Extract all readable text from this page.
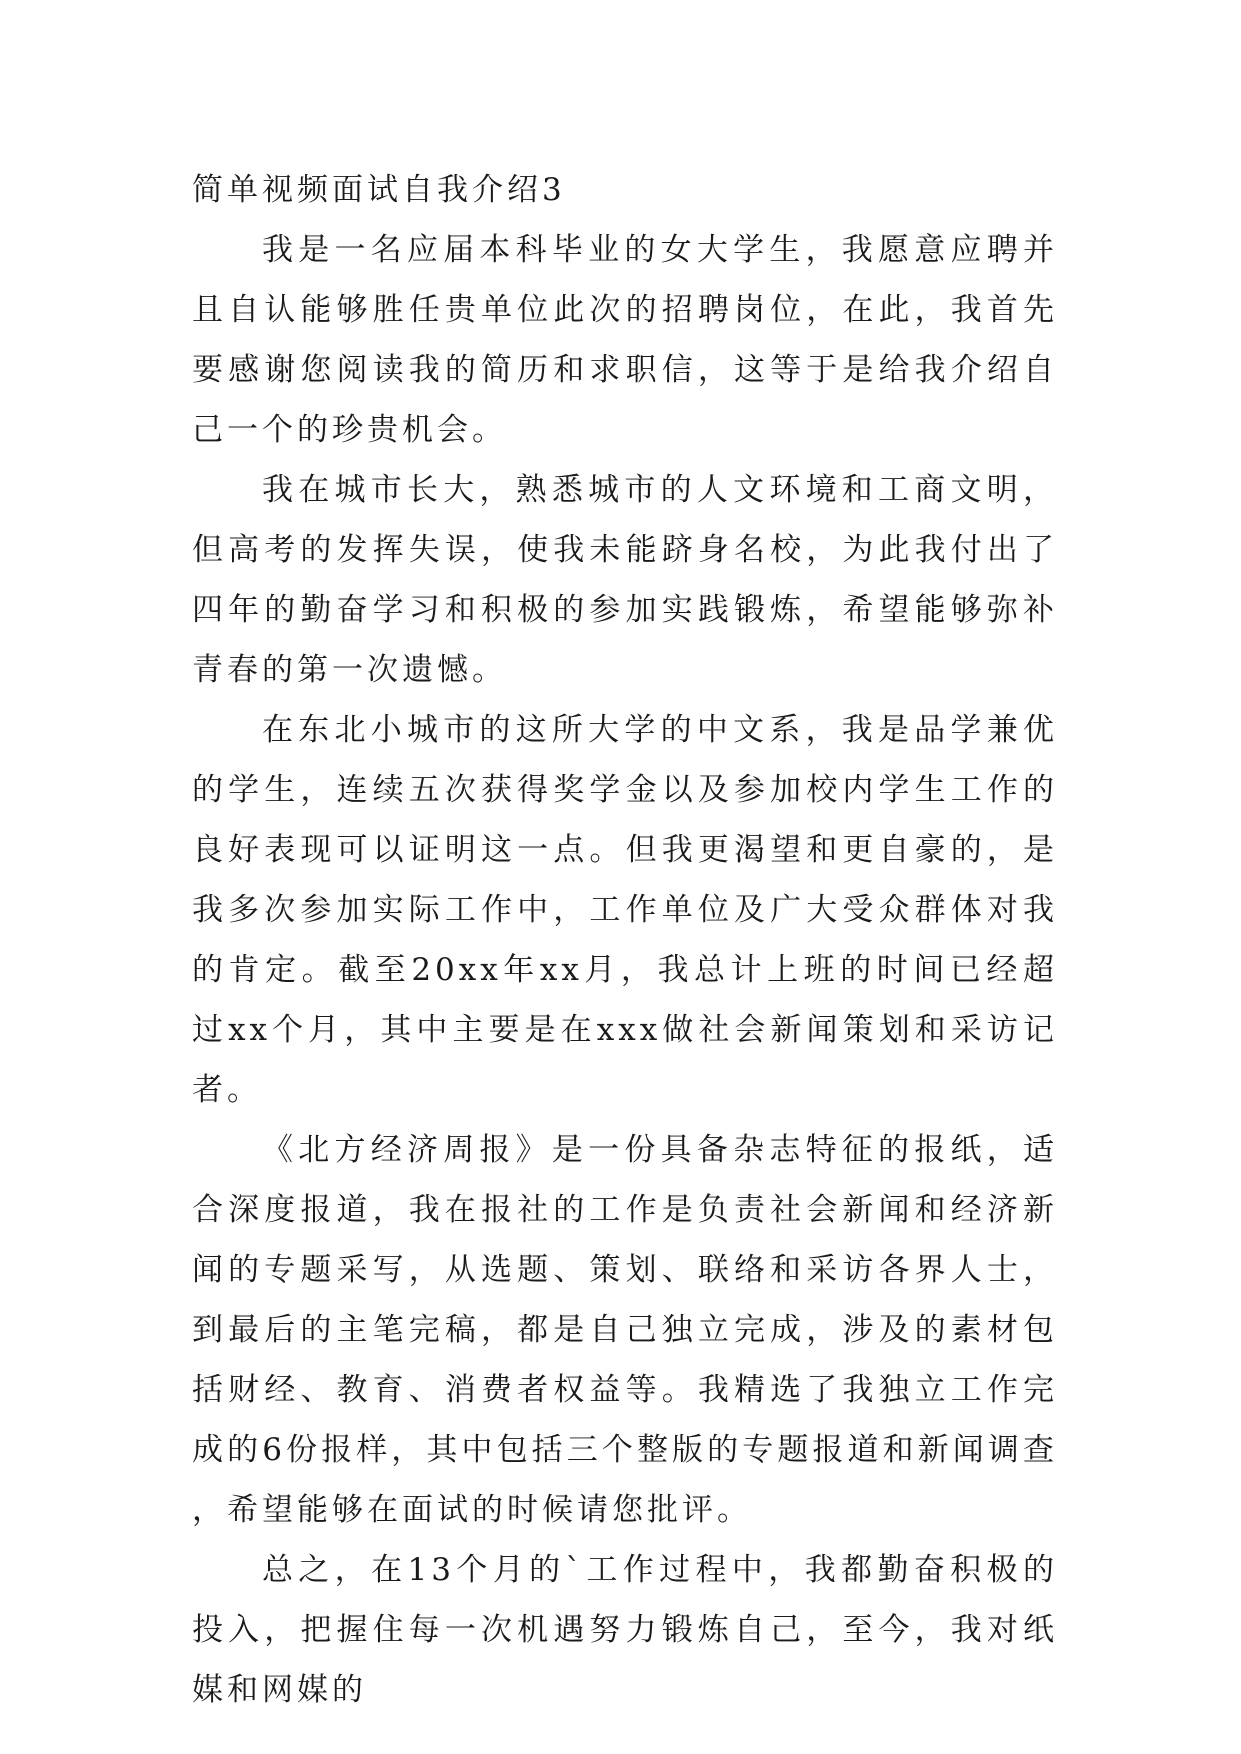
简单视频面试自我介绍3

我是一名应届本科毕业的女大学生，我愿意应聘并且自认能够胜任贵单位此次的招聘岗位，在此，我首先要感谢您阅读我的简历和求职信，这等于是给我介绍自己一个的珍贵机会。

我在城市长大，熟悉城市的人文环境和工商文明，但高考的发挥失误，使我未能跻身名校，为此我付出了四年的勤奋学习和积极的参加实践锻炼，希望能够弥补青春的第一次遗憾。

在东北小城市的这所大学的中文系，我是品学兼优的学生，连续五次获得奖学金以及参加校内学生工作的良好表现可以证明这一点。但我更渴望和更自豪的，是我多次参加实际工作中，工作单位及广大受众群体对我的肯定。截至20xx年xx月，我总计上班的时间已经超过xx个月，其中主要是在xxx做社会新闻策划和采访记者。

《北方经济周报》是一份具备杂志特征的报纸，适合深度报道，我在报社的工作是负责社会新闻和经济新闻的专题采写，从选题、策划、联络和采访各界人士，到最后的主笔完稿，都是自己独立完成，涉及的素材包括财经、教育、消费者权益等。我精选了我独立工作完成的6份报样，其中包括三个整版的专题报道和新闻调查，希望能够在面试的时候请您批评。

总之，在13个月的`工作过程中，我都勤奋积极的投入，把握住每一次机遇努力锻炼自己，至今，我对纸媒和网媒的
